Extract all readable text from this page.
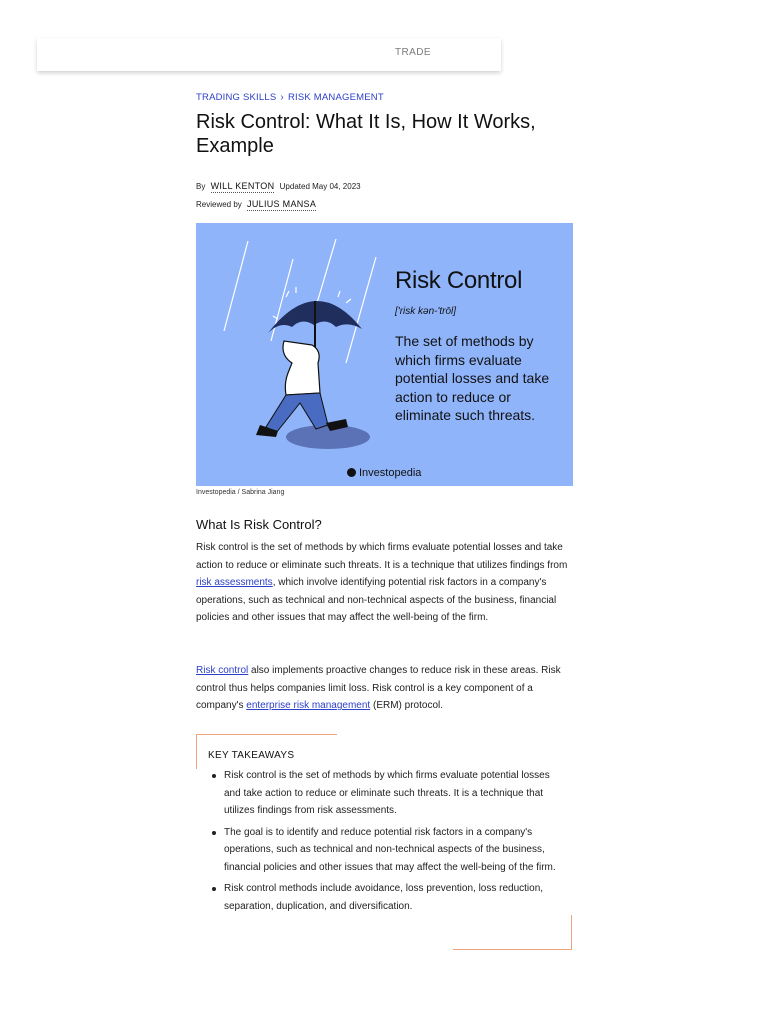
TRADE
TRADING SKILLS › RISK MANAGEMENT
Risk Control: What It Is, How It Works, Example
By WILL KENTON Updated May 04, 2023
Reviewed by JULIUS MANSA
Risk Control
['risk kən-'trōl]
The set of methods by which firms evaluate potential losses and take action to reduce or eliminate such threats.
Investopedia
Investopedia / Sabrina Jiang
What Is Risk Control?

Risk control is the set of methods by which firms evaluate potential losses and take action to reduce or eliminate such threats. It is a technique that utilizes findings from risk assessments, which involve identifying potential risk factors in a company's operations, such as technical and non-technical aspects of the business, financial policies and other issues that may affect the well-being of the firm.

Risk control also implements proactive changes to reduce risk in these areas. Risk control thus helps companies limit loss. Risk control is a key component of a company's enterprise risk management (ERM) protocol.

KEY TAKEAWAYS
Risk control is the set of methods by which firms evaluate potential losses and take action to reduce or eliminate such threats. It is a technique that utilizes findings from risk assessments.
The goal is to identify and reduce potential risk factors in a company's operations, such as technical and non-technical aspects of the business, financial policies and other issues that may affect the well-being of the firm.
Risk control methods include avoidance, loss prevention, loss reduction, separation, duplication, and diversification.
